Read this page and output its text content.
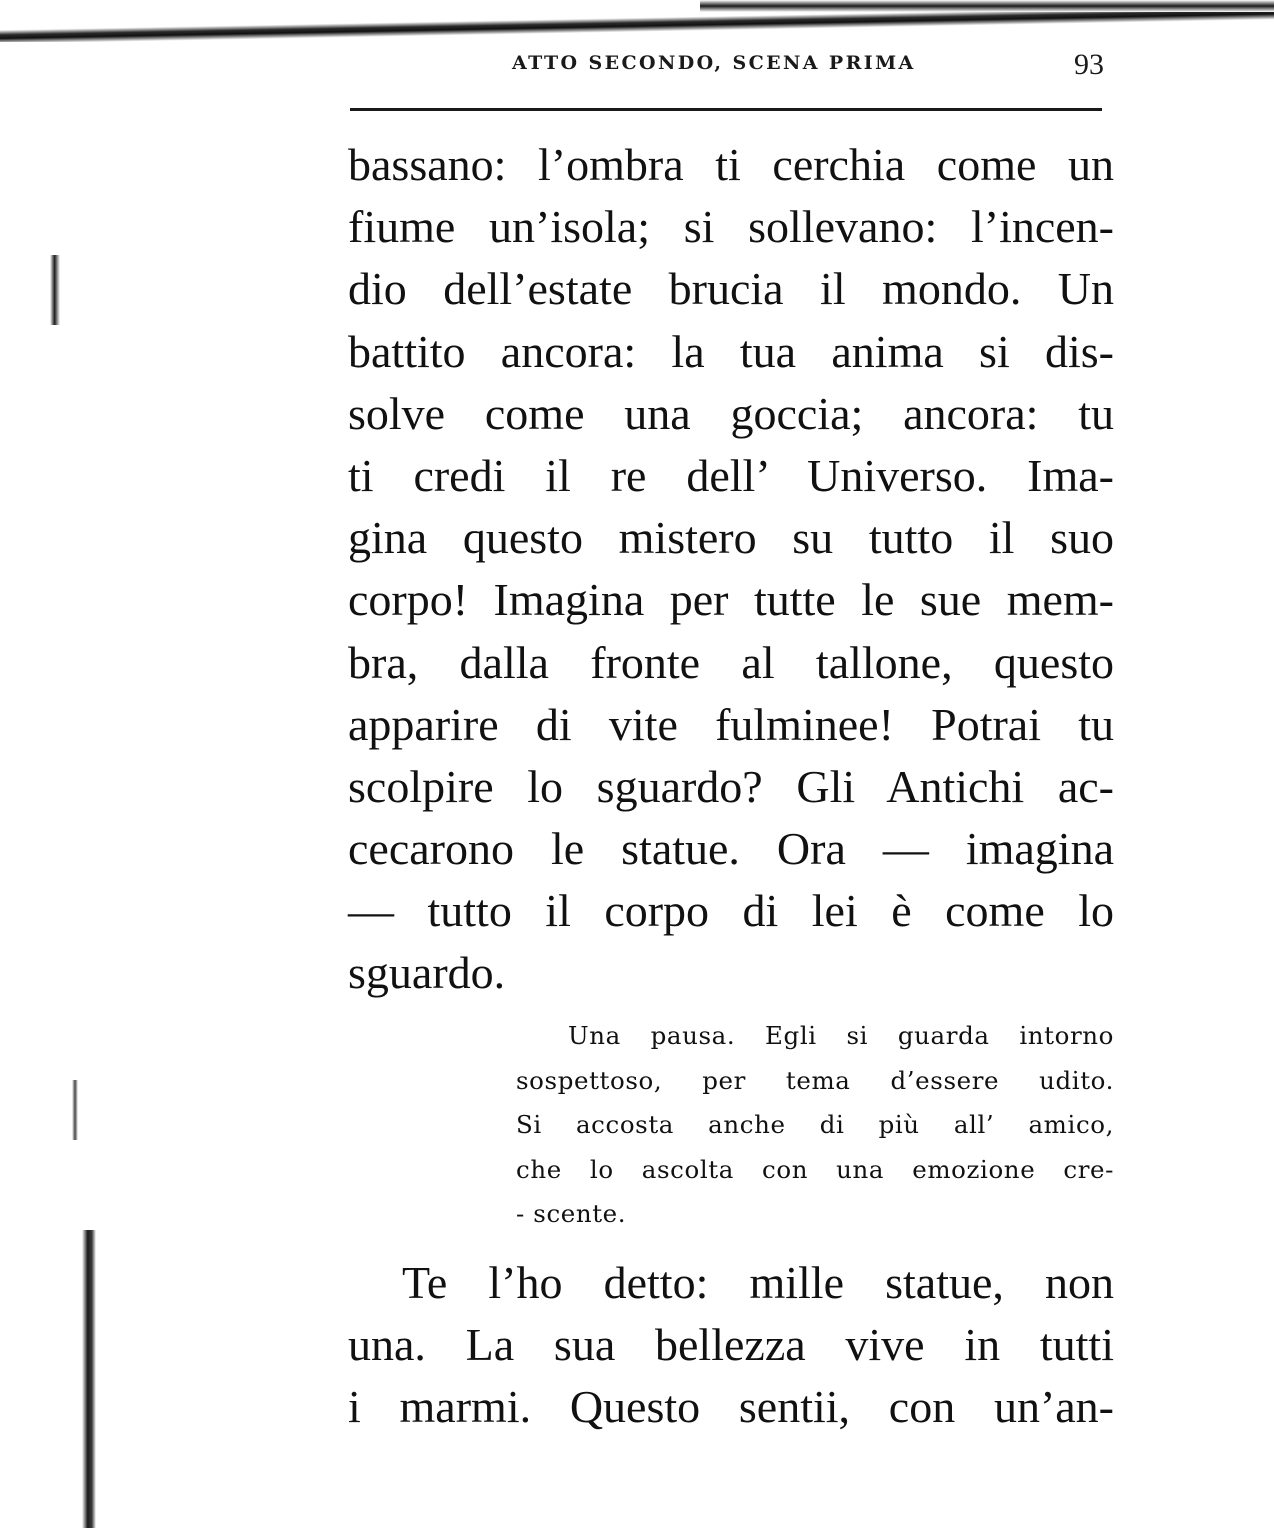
ATTO SECONDO, SCENA PRIMA	93
bassano: l’ombra ti cerchia come un
fiume un’isola; si sollevano: l’incen-
dio dell’estate brucia il mondo. Un
battito ancora: la tua anima si dis-
solve come una goccia; ancora: tu
ti credi il re dell’ Universo. Ima-
gina questo mistero su tutto il suo
corpo! Imagina per tutte le sue mem-
bra, dalla fronte al tallone, questo
apparire di vite fulminee! Potrai tu
scolpire lo sguardo? Gli Antichi ac-
cecarono le statue. Ora — imagina
— tutto il corpo di lei è come lo
sguardo.
Una pausa. Egli si guarda intorno
sospettoso, per tema d’essere udito.
Si accosta anche di più all’ amico,
che lo ascolta con una emozione cre-
- scente.
Te l’ho detto: mille statue, non
una. La sua bellezza vive in tutti
i marmi. Questo sentii, con un’an-
